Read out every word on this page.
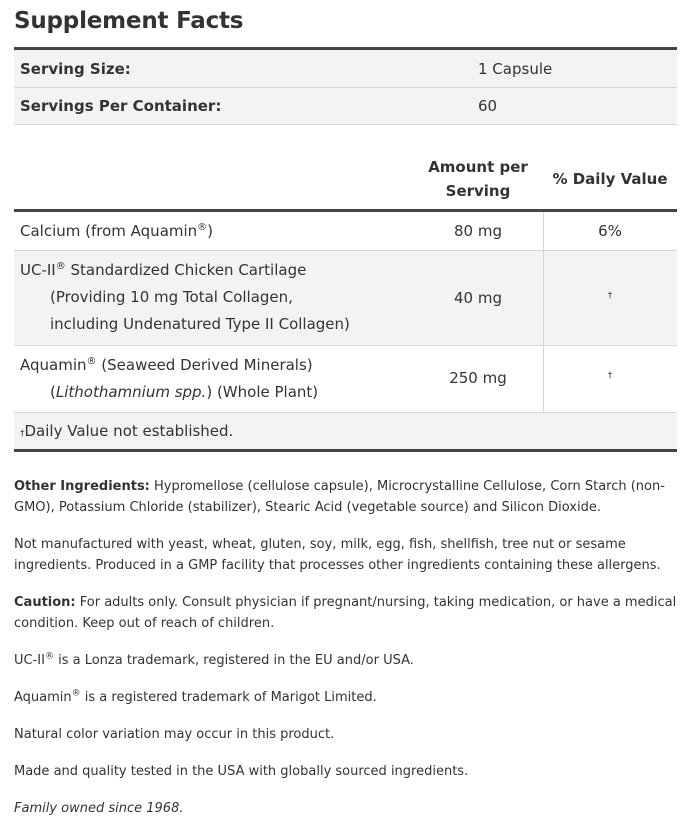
Supplement Facts
Serving Size:	1 Capsule
Servings Per Container:	60
Amount per
Serving
% Daily Value
Calcium (from Aquamin®)	80 mg	6%
UC-II® Standardized Chicken Cartilage
(Providing 10 mg Total Collagen,
including Undenatured Type II Collagen)
40 mg	†
Aquamin® (Seaweed Derived Minerals)
(Lithothamnium spp.) (Whole Plant)
250 mg	†
†Daily Value not established.
Other Ingredients: Hypromellose (cellulose capsule), Microcrystalline Cellulose, Corn Starch (non-GMO), Potassium Chloride (stabilizer), Stearic Acid (vegetable source) and Silicon Dioxide.
Not manufactured with yeast, wheat, gluten, soy, milk, egg, fish, shellfish, tree nut or sesame ingredients. Produced in a GMP facility that processes other ingredients containing these allergens.
Caution: For adults only. Consult physician if pregnant/nursing, taking medication, or have a medical condition. Keep out of reach of children.
UC-II® is a Lonza trademark, registered in the EU and/or USA.
Aquamin® is a registered trademark of Marigot Limited.
Natural color variation may occur in this product.
Made and quality tested in the USA with globally sourced ingredients.
Family owned since 1968.
